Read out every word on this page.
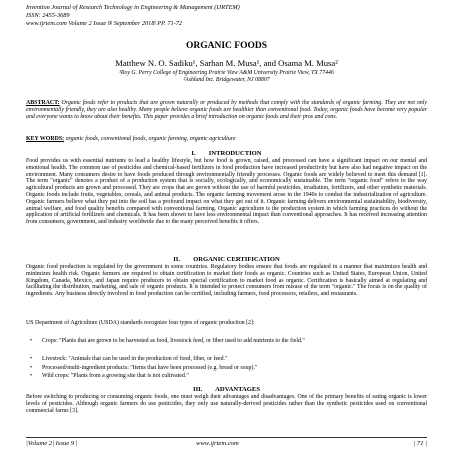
Invention Journal of Research Technology in Engineering & Management (IJRTEM)
ISSN: 2455-3689
www.ijrtem.com Volume 2 Issue 9ǀ September 2018ǀ PP. 71-72
ORGANIC FOODS
Matthew N. O. Sadiku¹, Sarhan M. Musa¹, and Osama M. Musa²
¹Roy G. Perry College of Engineering Prairie View A&M University Prairie View, TX 77446
²Ashland Inc. Bridgewater, NJ 08807
ABSTRACT: Organic foods refer to products that are grown naturally or produced by methods that comply with the standards of organic farming. They are not only environmentally friendly, they are also healthy. Many people believe organic foods are healthier than conventional food. Today, organic foods have become very popular and everyone wants to know about their benefits. This paper provides a brief introduction on organic foods and their pros and cons.
KEY WORDS: organic foods, conventional foods, organic farming, organic agriculture
I.        INTRODUCTION
Food provides us with essential nutrients to lead a healthy lifestyle, but how food is grown, raised, and processed can have a significant impact on our mental and emotional health. The common use of pesticides and chemical-based fertilizers in food production have increased productivity but have also had negative impact on the environment. Many consumers desire to have foods produced through environmentally friendly processes. Organic foods are widely believed to meet this demand [1]. The term "organic" denotes a product of a production system that is socially, ecologically, and economically sustainable. The term "organic food" refers to the way agricultural products are grown and processed. They are crops that are grown without the use of harmful pesticides, irradiation, fertilizers, and other synthetic materials. Organic foods include fruits, vegetables, cereals, and animal products. The organic farming movement arose in the 1940s to combat the industrialization of agriculture. Organic farmers believe what they put into the soil has a profound impact on what they get out of it. Organic farming delivers environmental sustainability, biodiversity, animal welfare, and food quality benefits compared with conventional farming. Organic agriculture is the production system in which farming practices do without the application of artificial fertilizers and chemicals. It has been shown to have less environmental impact than conventional approaches. It has received increasing attention from consumers, government, and industry worldwide due to the many perceived benefits it offers.
II.        ORGANIC CERTIFICATION
Organic food production is regulated by the government in some countries. Regulatory bodies ensure that foods are regulated in a manner that maximizes health and minimizes health risk. Organic farmers are required to obtain certification to market their foods as organic. Countries such as United States, European Union, United Kingdom, Canada, Mexico, and Japan require producers to obtain special certification to market food as organic. Certification is basically aimed at regulating and facilitating the distribution, marketing, and sale of organic products. It is intended to protect consumers from misuse of the term "organic." The focus is on the quality of ingredients. Any business directly involved in food production can be certified, including farmers, food processors, retailers, and restaurants.
US Department of Agriculture (USDA) standards recognize four types of organic production [2]:
• Crops: "Plants that are grown to be harvested as food, livestock feed, or fiber used to add nutrients to the field."
• Livestock: "Animals that can be used in the production of food, fiber, or feed."
• Processed/multi-ingredient products: "Items that have been processed (e.g. bread or soup)."
• Wild crops: "Plants from a growing site that is not cultivated."
III.        ADVANTAGES
Before switching to producing or consuming organic foods, one must weigh their advantages and disadvantages. One of the primary benefits of eating organic is lower levels of pesticides. Although organic farmers do use pesticides, they only use naturally-derived pesticides rather than the synthetic pesticides used on conventional commercial farms [3].
|Volume 2| Issue 9 |	www.ijrtem.com	| 71 |
